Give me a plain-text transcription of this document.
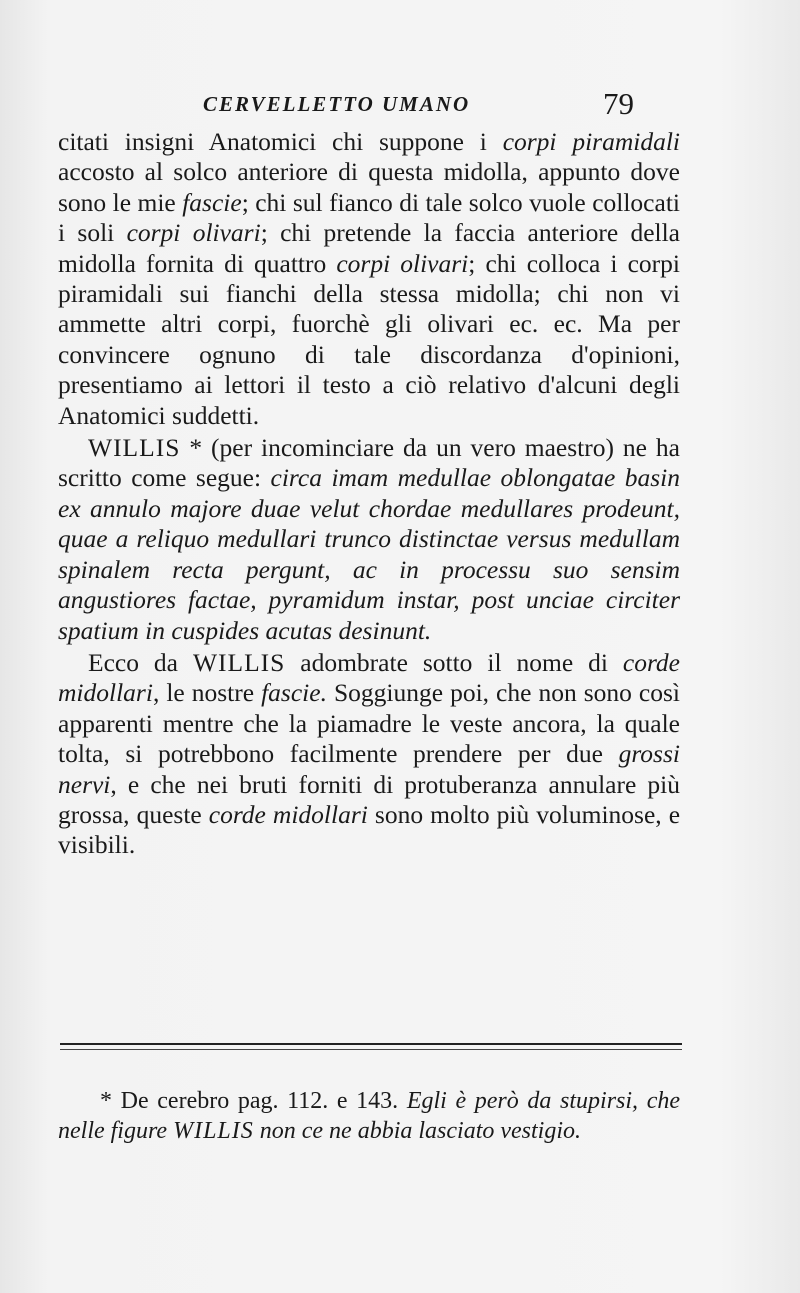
CERVELLETTO UMANO	79

citati insigni Anatomici chi suppone i corpi piramidali accosto al solco anteriore di questa midolla, appunto dove sono le mie fascie; chi sul fianco di tale solco vuole collocati i soli corpi olivari; chi pretende la faccia anteriore della midolla fornita di quattro corpi olivari; chi colloca i corpi piramidali sui fianchi della stessa midolla; chi non vi ammette altri corpi, fuorchè gli olivari ec. ec. Ma per convincere ognuno di tale discordanza d'opinioni, presentiamo ai lettori il testo a ciò relativo d'alcuni degli Anatomici suddetti.

WILLIS * (per incominciare da un vero maestro) ne ha scritto come segue: circa imam medullae oblongatae basin ex annulo majore duae velut chordae medullares prodeunt, quae a reliquo medullari trunco distinctae versus medullam spinalem recta pergunt, ac in processu suo sensim angustiores factae, pyramidum instar, post unciae circiter spatium in cuspides acutas desinunt.

Ecco da WILLIS adombrate sotto il nome di corde midollari, le nostre fascie. Soggiunge poi, che non sono così apparenti mentre che la piamadre le veste ancora, la quale tolta, si potrebbono facilmente prendere per due grossi nervi, e che nei bruti forniti di protuberanza annulare più grossa, queste corde midollari sono molto più voluminose, e visibili.

* De cerebro pag. 112. e 143. Egli è però da stupirsi, che nelle figure WILLIS non ce ne abbia lasciato vestigio.
